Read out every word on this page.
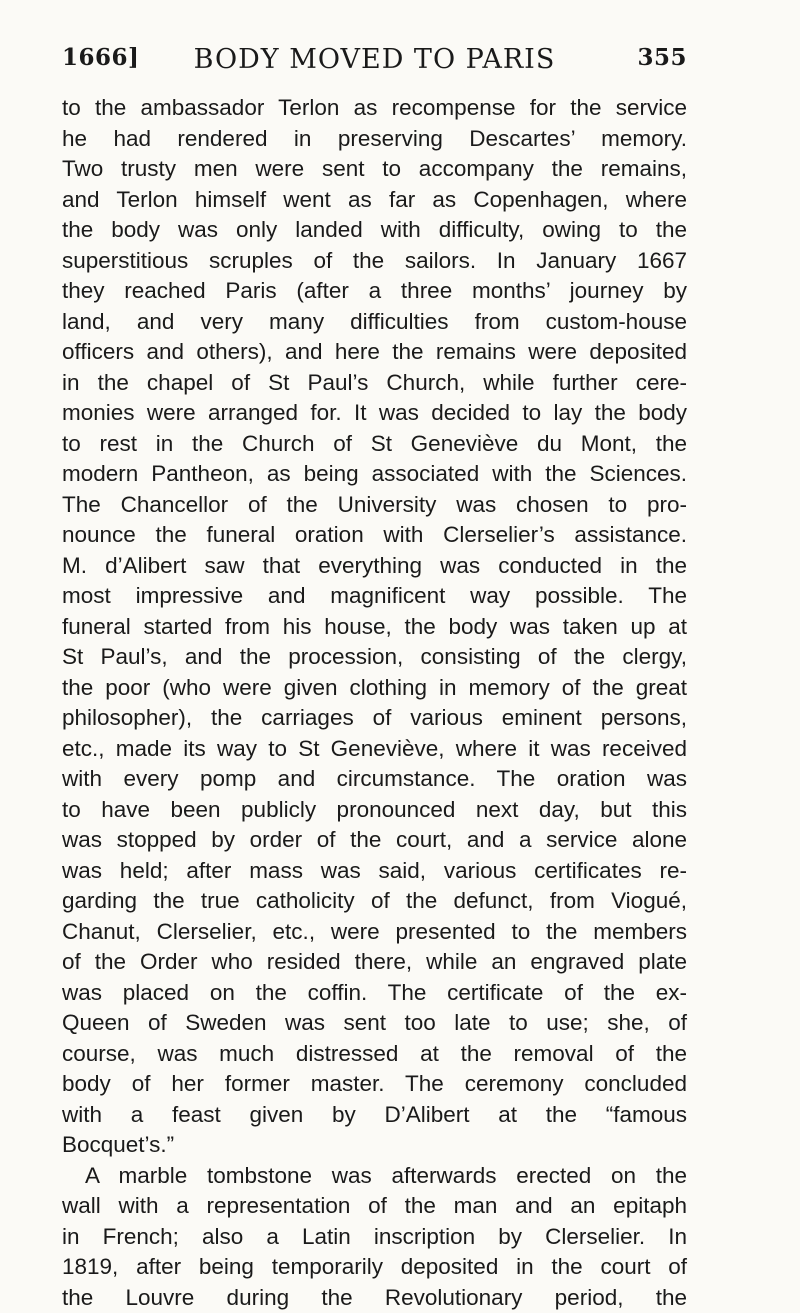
1666]	BODY MOVED TO PARIS	355
to the ambassador Terlon as recompense for the service
he had rendered in preserving Descartes’ memory.
Two trusty men were sent to accompany the remains,
and Terlon himself went as far as Copenhagen, where
the body was only landed with difficulty, owing to the
superstitious scruples of the sailors. In January 1667
they reached Paris (after a three months’ journey by
land, and very many difficulties from custom-house
officers and others), and here the remains were deposited
in the chapel of St Paul’s Church, while further cere-
monies were arranged for. It was decided to lay the body
to rest in the Church of St Geneviève du Mont, the
modern Pantheon, as being associated with the Sciences.
The Chancellor of the University was chosen to pro-
nounce the funeral oration with Clerselier’s assistance.
M. d’Alibert saw that everything was conducted in the
most impressive and magnificent way possible. The
funeral started from his house, the body was taken up at
St Paul’s, and the procession, consisting of the clergy,
the poor (who were given clothing in memory of the great
philosopher), the carriages of various eminent persons,
etc., made its way to St Geneviève, where it was received
with every pomp and circumstance. The oration was
to have been publicly pronounced next day, but this
was stopped by order of the court, and a service alone
was held; after mass was said, various certificates re-
garding the true catholicity of the defunct, from Viogué,
Chanut, Clerselier, etc., were presented to the members
of the Order who resided there, while an engraved plate
was placed on the coffin. The certificate of the ex-
Queen of Sweden was sent too late to use; she, of
course, was much distressed at the removal of the
body of her former master. The ceremony concluded
with a feast given by D’Alibert at the “famous
Bocquet’s.”
A marble tombstone was afterwards erected on the
wall with a representation of the man and an epitaph
in French; also a Latin inscription by Clerselier. In
1819, after being temporarily deposited in the court of
the Louvre during the Revolutionary period, the
